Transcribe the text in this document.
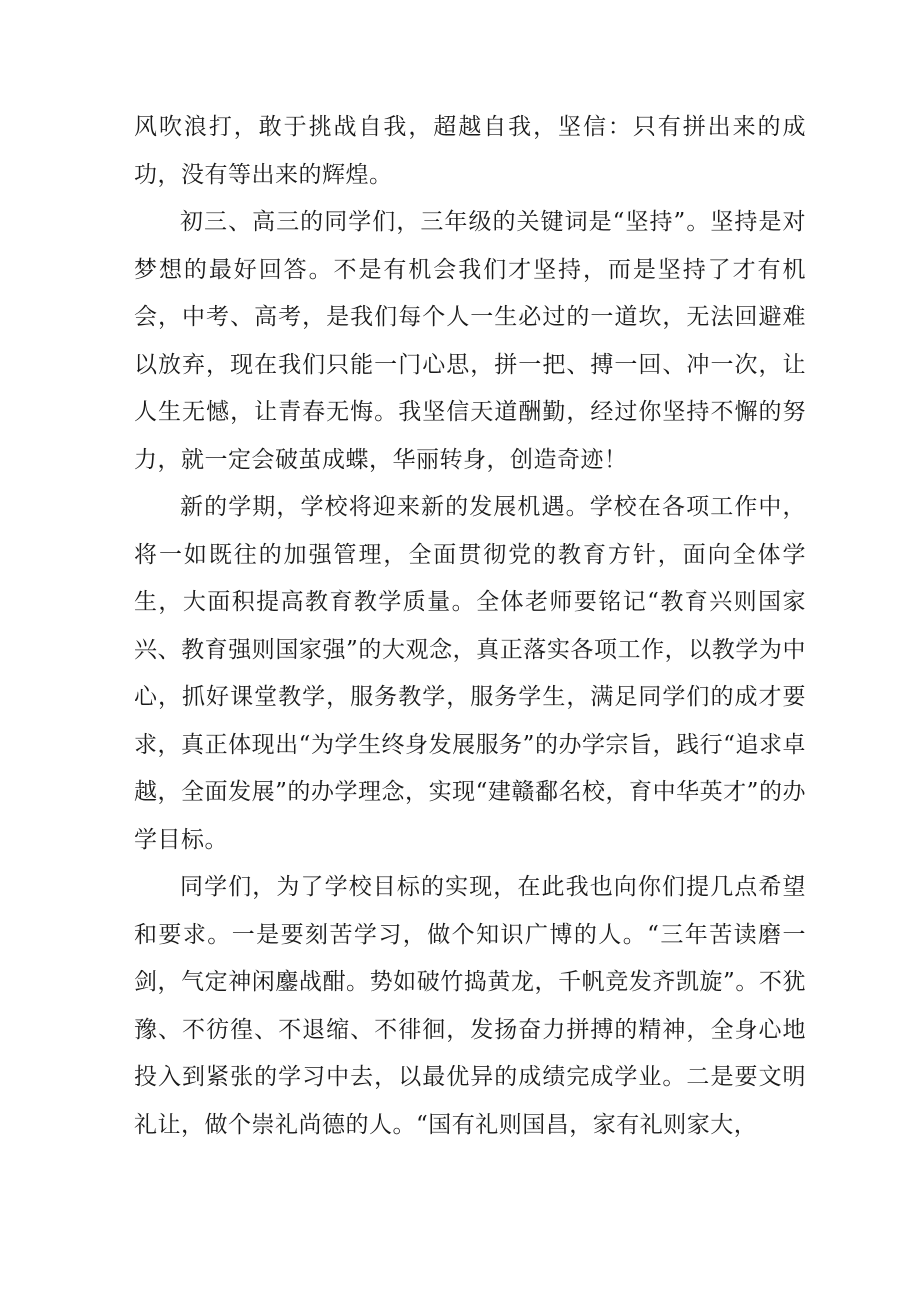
风吹浪打，敢于挑战自我，超越自我，坚信：只有拼出来的成功，没有等出来的辉煌。

初三、高三的同学们，三年级的关键词是“坚持”。坚持是对梦想的最好回答。不是有机会我们才坚持，而是坚持了才有机会，中考、高考，是我们每个人一生必过的一道坎，无法回避难以放弃，现在我们只能一门心思，拼一把、搏一回、冲一次，让人生无憾，让青春无悔。我坚信天道酬勤，经过你坚持不懈的努力，就一定会破茧成蝶，华丽转身，创造奇迹！

新的学期，学校将迎来新的发展机遇。学校在各项工作中，将一如既往的加强管理，全面贯彻党的教育方针，面向全体学生，大面积提高教育教学质量。全体老师要铭记“教育兴则国家兴、教育强则国家强”的大观念，真正落实各项工作，以教学为中心，抓好课堂教学，服务教学，服务学生，满足同学们的成才要求，真正体现出“为学生终身发展服务”的办学宗旨，践行“追求卓越，全面发展”的办学理念，实现“建赣鄱名校，育中华英才”的办学目标。

同学们，为了学校目标的实现，在此我也向你们提几点希望和要求。一是要刻苦学习，做个知识广博的人。“三年苦读磨一剑，气定神闲鏖战酣。势如破竹捣黄龙，千帆竞发齐凯旋”。不犹豫、不彷徨、不退缩、不徘徊，发扬奋力拼搏的精神，全身心地投入到紧张的学习中去，以最优异的成绩完成学业。二是要文明礼让，做个崇礼尚德的人。“国有礼则国昌，家有礼则家大，
